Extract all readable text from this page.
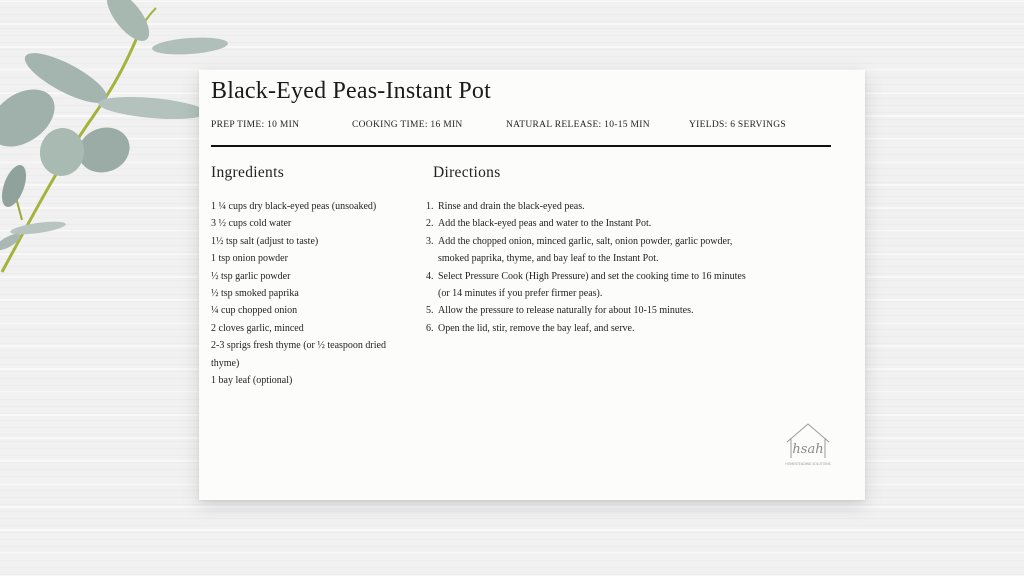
Black-Eyed Peas-Instant Pot
PREP TIME: 10 MIN	COOKING TIME: 16 MIN	NATURAL RELEASE: 10-15 MIN	YIELDS: 6 SERVINGS
Ingredients	Directions
1 ¼ cups dry black-eyed peas (unsoaked)
3 ½ cups cold water
1½ tsp salt (adjust to taste)
1 tsp onion powder
½ tsp garlic powder
½ tsp smoked paprika
¼ cup chopped onion
2 cloves garlic, minced
2-3 sprigs fresh thyme (or ½ teaspoon dried thyme)
1 bay leaf (optional)
1. Rinse and drain the black-eyed peas.
2. Add the black-eyed peas and water to the Instant Pot.
3. Add the chopped onion, minced garlic, salt, onion powder, garlic powder, smoked paprika, thyme, and bay leaf to the Instant Pot.
4. Select Pressure Cook (High Pressure) and set the cooking time to 16 minutes (or 14 minutes if you prefer firmer peas).
5. Allow the pressure to release naturally for about 10-15 minutes.
6. Open the lid, stir, remove the bay leaf, and serve.
hsah
HOMESTEADING SOLUTIONS
